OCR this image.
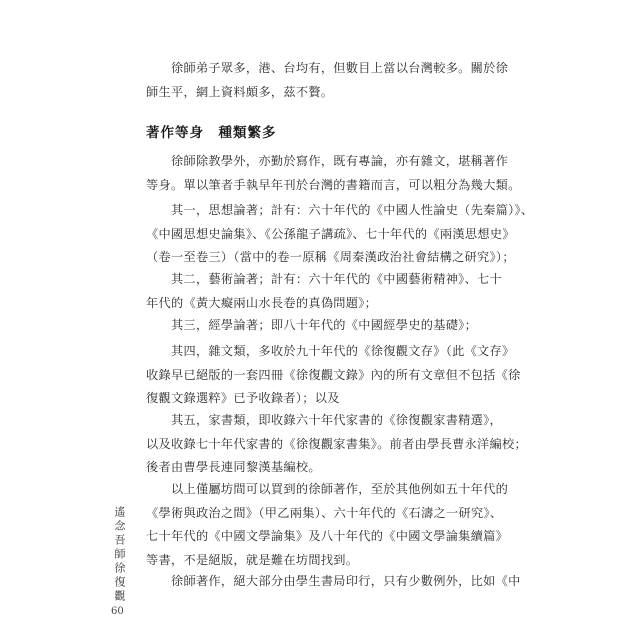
　　徐師弟子眾多，港、台均有，但數目上當以台灣較多。關於徐
師生平，網上資料頗多，茲不贅。

著作等身　種類繁多

　　徐師除教學外，亦勤於寫作，既有專論，亦有雜文，堪稱著作
等身。單以筆者手執早年刊於台灣的書籍而言，可以粗分為幾大類。

　　其一，思想論著；計有：六十年代的《中國人性論史（先秦篇）》、
《中國思想史論集》、《公孫龍子講疏》、七十年代的《兩漢思想史》
（卷一至卷三）（當中的卷一原稱《周秦漢政治社會結構之研究》）；

　　其二，藝術論著；計有：六十年代的《中國藝術精神》、七十
年代的《黃大癡兩山水長卷的真偽問題》；

　　其三，經學論著；即八十年代的《中國經學史的基礎》；

　　其四，雜文類，多收於九十年代的《徐復觀文存》（此《文存》
收錄早已絕版的一套四冊《徐復觀文錄》內的所有文章但不包括《徐
復觀文錄選粹》已予收錄者）；以及

　　其五，家書類，即收錄六十年代家書的《徐復觀家書精選》，
以及收錄七十年代家書的《徐復觀家書集》。前者由學長曹永洋編校；
後者由曹學長連同黎漢基編校。

　　以上僅屬坊間可以買到的徐師著作，至於其他例如五十年代的
《學術與政治之間》（甲乙兩集）、六十年代的《石濤之一研究》、
七十年代的《中國文學論集》及八十年代的《中國文學論集續篇》
等書，不是絕版，就是難在坊間找到。

　　徐師著作，絕大部分由學生書局印行，只有少數例外，比如《中

遙念吾師徐復觀
60
